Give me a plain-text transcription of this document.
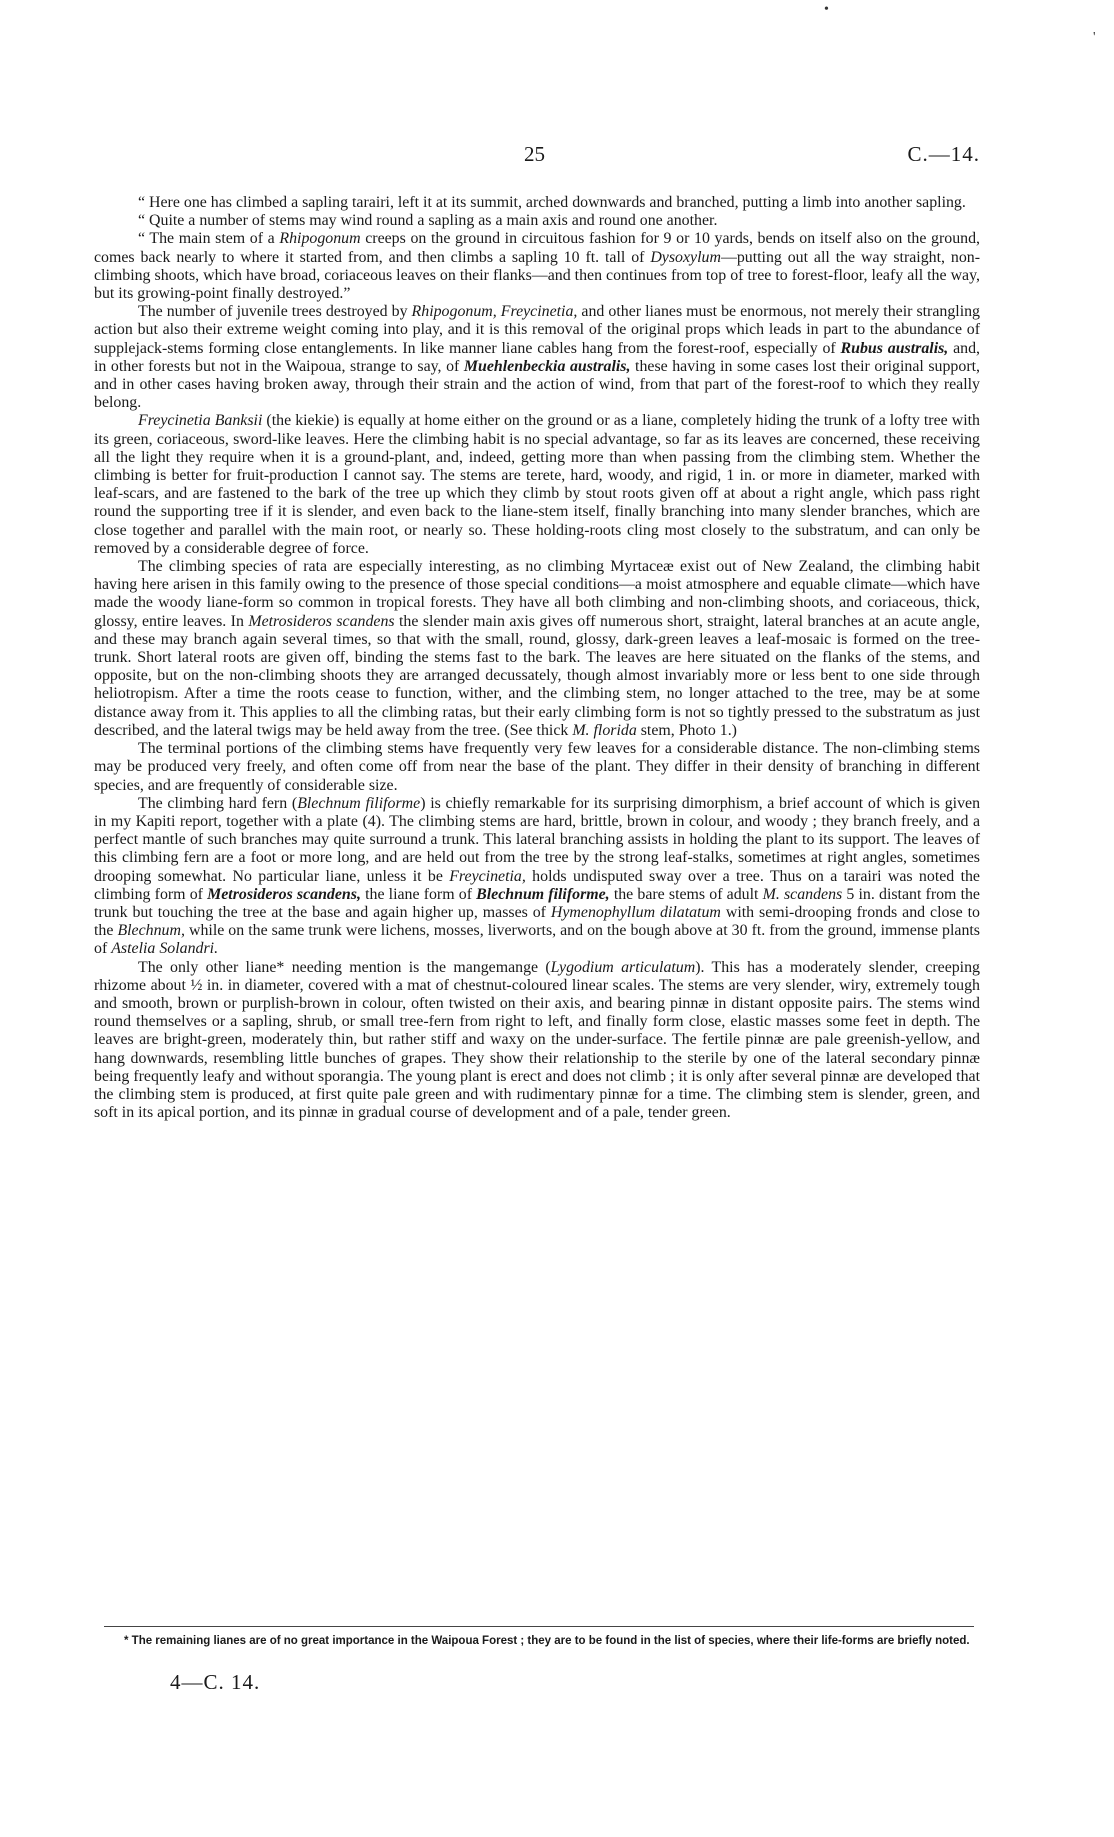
•
'
25	C.—14.

“ Here one has climbed a sapling tarairi, left it at its summit, arched downwards and branched, putting a limb into another sapling.

“ Quite a number of stems may wind round a sapling as a main axis and round one another.

“ The main stem of a Rhipogonum creeps on the ground in circuitous fashion for 9 or 10 yards, bends on itself also on the ground, comes back nearly to where it started from, and then climbs a sapling 10 ft. tall of Dysoxylum—putting out all the way straight, non-climbing shoots, which have broad, coriaceous leaves on their flanks—and then continues from top of tree to forest-floor, leafy all the way, but its growing-point finally destroyed.”

The number of juvenile trees destroyed by Rhipogonum, Freycinetia, and other lianes must be enormous, not merely their strangling action but also their extreme weight coming into play, and it is this removal of the original props which leads in part to the abundance of supplejack-stems forming close entanglements. In like manner liane cables hang from the forest-roof, especially of Rubus australis, and, in other forests but not in the Waipoua, strange to say, of Muehlenbeckia australis, these having in some cases lost their original support, and in other cases having broken away, through their strain and the action of wind, from that part of the forest-roof to which they really belong.

Freycinetia Banksii (the kiekie) is equally at home either on the ground or as a liane, completely hiding the trunk of a lofty tree with its green, coriaceous, sword-like leaves. Here the climbing habit is no special advantage, so far as its leaves are concerned, these receiving all the light they require when it is a ground-plant, and, indeed, getting more than when passing from the climbing stem. Whether the climbing is better for fruit-production I cannot say. The stems are terete, hard, woody, and rigid, 1 in. or more in diameter, marked with leaf-scars, and are fastened to the bark of the tree up which they climb by stout roots given off at about a right angle, which pass right round the supporting tree if it is slender, and even back to the liane-stem itself, finally branching into many slender branches, which are close together and parallel with the main root, or nearly so. These holding-roots cling most closely to the substratum, and can only be removed by a considerable degree of force.

The climbing species of rata are especially interesting, as no climbing Myrtaceæ exist out of New Zealand, the climbing habit having here arisen in this family owing to the presence of those special conditions—a moist atmosphere and equable climate—which have made the woody liane-form so common in tropical forests. They have all both climbing and non-climbing shoots, and coriaceous, thick, glossy, entire leaves. In Metrosideros scandens the slender main axis gives off numerous short, straight, lateral branches at an acute angle, and these may branch again several times, so that with the small, round, glossy, dark-green leaves a leaf-mosaic is formed on the tree-trunk. Short lateral roots are given off, binding the stems fast to the bark. The leaves are here situated on the flanks of the stems, and opposite, but on the non-climbing shoots they are arranged decussately, though almost invariably more or less bent to one side through heliotropism. After a time the roots cease to function, wither, and the climbing stem, no longer attached to the tree, may be at some distance away from it. This applies to all the climbing ratas, but their early climbing form is not so tightly pressed to the substratum as just described, and the lateral twigs may be held away from the tree. (See thick M. florida stem, Photo 1.)

The terminal portions of the climbing stems have frequently very few leaves for a considerable distance. The non-climbing stems may be produced very freely, and often come off from near the base of the plant. They differ in their density of branching in different species, and are frequently of considerable size.

The climbing hard fern (Blechnum filiforme) is chiefly remarkable for its surprising dimorphism, a brief account of which is given in my Kapiti report, together with a plate (4). The climbing stems are hard, brittle, brown in colour, and woody ; they branch freely, and a perfect mantle of such branches may quite surround a trunk. This lateral branching assists in holding the plant to its support. The leaves of this climbing fern are a foot or more long, and are held out from the tree by the strong leaf-stalks, sometimes at right angles, sometimes drooping somewhat. No particular liane, unless it be Freycinetia, holds undisputed sway over a tree. Thus on a tarairi was noted the climbing form of Metrosideros scandens, the liane form of Blechnum filiforme, the bare stems of adult M. scandens 5 in. distant from the trunk but touching the tree at the base and again higher up, masses of Hymenophyllum dilatatum with semi-drooping fronds and close to the Blechnum, while on the same trunk were lichens, mosses, liverworts, and on the bough above at 30 ft. from the ground, immense plants of Astelia Solandri.

The only other liane* needing mention is the mangemange (Lygodium articulatum). This has a moderately slender, creeping rhizome about ½ in. in diameter, covered with a mat of chestnut-coloured linear scales. The stems are very slender, wiry, extremely tough and smooth, brown or purplish-brown in colour, often twisted on their axis, and bearing pinnæ in distant opposite pairs. The stems wind round themselves or a sapling, shrub, or small tree-fern from right to left, and finally form close, elastic masses some feet in depth. The leaves are bright-green, moderately thin, but rather stiff and waxy on the under-surface. The fertile pinnæ are pale greenish-yellow, and hang downwards, resembling little bunches of grapes. They show their relationship to the sterile by one of the lateral secondary pinnæ being frequently leafy and without sporangia. The young plant is erect and does not climb ; it is only after several pinnæ are developed that the climbing stem is produced, at first quite pale green and with rudimentary pinnæ for a time. The climbing stem is slender, green, and soft in its apical portion, and its pinnæ in gradual course of development and of a pale, tender green.

* The remaining lianes are of no great importance in the Waipoua Forest ; they are to be found in the list of species, where their life-forms are briefly noted.
4—C. 14.
